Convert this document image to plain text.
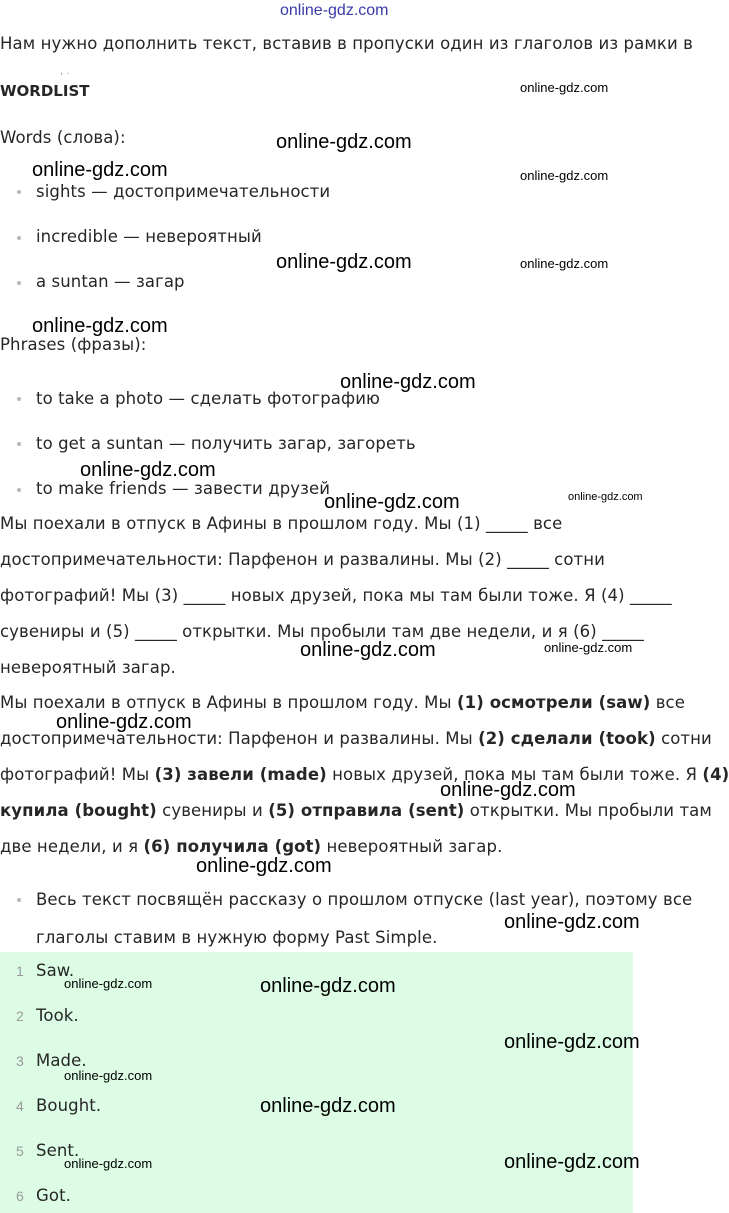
online-gdz.com
Нам нужно дополнить текст, вставив в пропуски один из глаголов из рамки в
, .
WORDLIST
Words (слова):
sights — достопримечательности
incredible — невероятный
a suntan — загар
Phrases (фразы):
to take a photo — сделать фотографию
to get a suntan — получить загар, загореть
to make friends — завести друзей
Мы поехали в отпуск в Афины в прошлом году. Мы (1) _____ все
достопримечательности: Парфенон и развалины. Мы (2) _____ сотни
фотографий! Мы (3) _____ новых друзей, пока мы там были тоже. Я (4) _____
сувениры и (5) _____ открытки. Мы пробыли там две недели, и я (6) _____
невероятный загар.
Мы поехали в отпуск в Афины в прошлом году. Мы (1) осмотрели (saw) все
достопримечательности: Парфенон и развалины. Мы (2) сделали (took) сотни
фотографий! Мы (3) завели (made) новых друзей, пока мы там были тоже. Я (4)
купила (bought) сувениры и (5) отправила (sent) открытки. Мы пробыли там
две недели, и я (6) получила (got) невероятный загар.
Весь текст посвящён рассказу о прошлом отпуске (last year), поэтому все
глаголы ставим в нужную форму Past Simple.
1 Saw.
2 Took.
3 Made.
4 Bought.
5 Sent.
6 Got.
online-gdz.com
online-gdz.com
online-gdz.com	online-gdz.com
online-gdz.com	online-gdz.com
online-gdz.com
online-gdz.com
online-gdz.com
online-gdz.com	online-gdz.com
online-gdz.com	online-gdz.com
online-gdz.com
online-gdz.com
online-gdz.com
online-gdz.com
online-gdz.com	online-gdz.com
online-gdz.com
online-gdz.com
online-gdz.com
online-gdz.com	online-gdz.com
